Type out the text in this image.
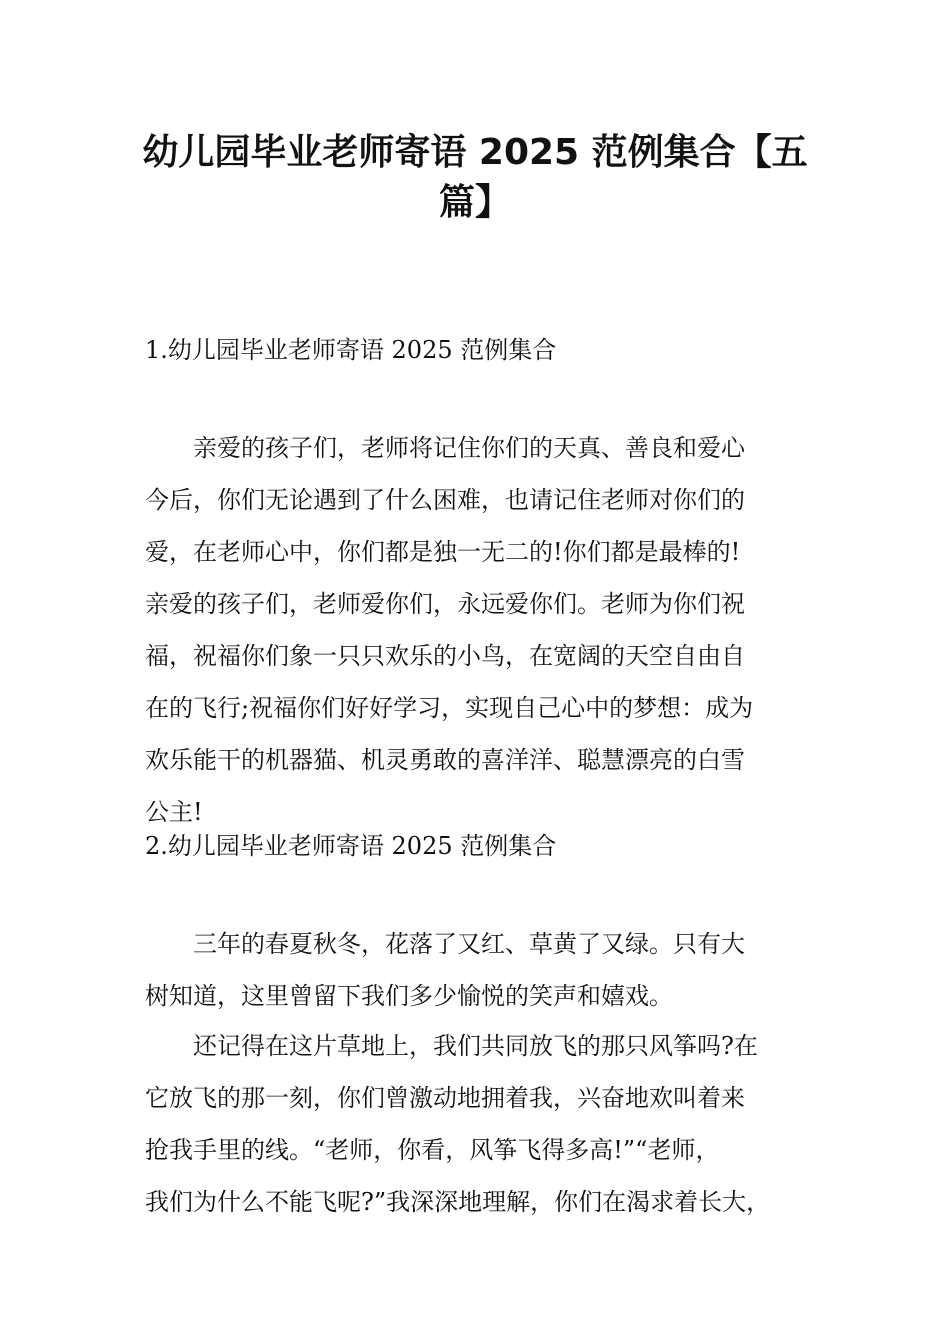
幼儿园毕业老师寄语 2025 范例集合【五
篇】
1.幼儿园毕业老师寄语 2025 范例集合
　　亲爱的孩子们，老师将记住你们的天真、善良和爱心
今后，你们无论遇到了什么困难，也请记住老师对你们的
爱，在老师心中，你们都是独一无二的!你们都是最棒的!
亲爱的孩子们，老师爱你们，永远爱你们。老师为你们祝
福，祝福你们象一只只欢乐的小鸟，在宽阔的天空自由自
在的飞行;祝福你们好好学习，实现自己心中的梦想：成为
欢乐能干的机器猫、机灵勇敢的喜洋洋、聪慧漂亮的白雪
公主!
2.幼儿园毕业老师寄语 2025 范例集合
　　三年的春夏秋冬，花落了又红、草黄了又绿。只有大
树知道，这里曾留下我们多少愉悦的笑声和嬉戏。
　　还记得在这片草地上，我们共同放飞的那只风筝吗?在
它放飞的那一刻，你们曾激动地拥着我，兴奋地欢叫着来
抢我手里的线。“老师，你看，风筝飞得多高!”“老师，
我们为什么不能飞呢?”我深深地理解，你们在渴求着长大，
